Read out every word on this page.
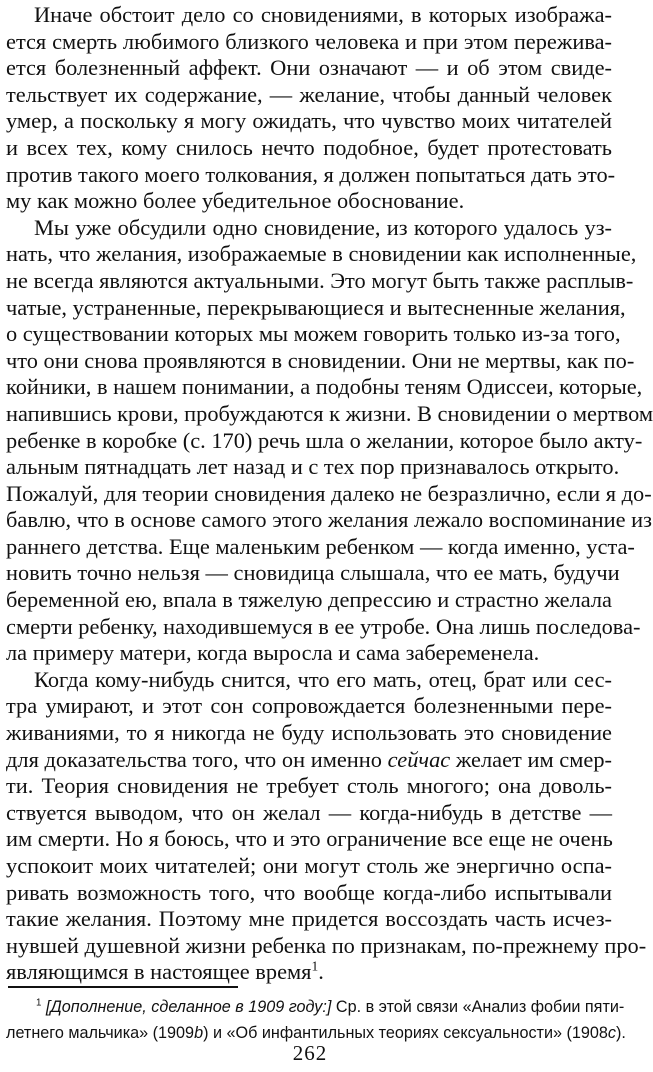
Иначе обстоит дело со сновидениями, в которых изобража-
ется смерть любимого близкого человека и при этом пережива-
ется болезненный аффект. Они означают — и об этом свиде-
тельствует их содержание, — желание, чтобы данный человек
умер, а поскольку я могу ожидать, что чувство моих читателей
и всех тех, кому снилось нечто подобное, будет протестовать
против такого моего толкования, я должен попытаться дать это-
му как можно более убедительное обоснование.
Мы уже обсудили одно сновидение, из которого удалось уз-
нать, что желания, изображаемые в сновидении как исполненные,
не всегда являются актуальными. Это могут быть также расплыв-
чатые, устраненные, перекрывающиеся и вытесненные желания,
о существовании которых мы можем говорить только из-за того,
что они снова проявляются в сновидении. Они не мертвы, как по-
койники, в нашем понимании, а подобны теням Одиссеи, которые,
напившись крови, пробуждаются к жизни. В сновидении о мертвом
ребенке в коробке (с. 170) речь шла о желании, которое было акту-
альным пятнадцать лет назад и с тех пор признавалось открыто.
Пожалуй, для теории сновидения далеко не безразлично, если я до-
бавлю, что в основе самого этого желания лежало воспоминание из
раннего детства. Еще маленьким ребенком — когда именно, уста-
новить точно нельзя — сновидица слышала, что ее мать, будучи
беременной ею, впала в тяжелую депрессию и страстно желала
смерти ребенку, находившемуся в ее утробе. Она лишь последова-
ла примеру матери, когда выросла и сама забеременела.
Когда кому-нибудь снится, что его мать, отец, брат или сес-
тра умирают, и этот сон сопровождается болезненными пере-
живаниями, то я никогда не буду использовать это сновидение
для доказательства того, что он именно сейчас желает им смер-
ти. Теория сновидения не требует столь многого; она доволь-
ствуется выводом, что он желал — когда-нибудь в детстве —
им смерти. Но я боюсь, что и это ограничение все еще не очень
успокоит моих читателей; они могут столь же энергично оспа-
ривать возможность того, что вообще когда-либо испытывали
такие желания. Поэтому мне придется воссоздать часть исчез-
нувшей душевной жизни ребенка по признакам, по-прежнему про-
являющимся в настоящее время$^1$.
$^1$ [Дополнение, сделанное в 1909 году:] Ср. в этой связи «Анализ фобии пяти-
летнего мальчика» (1909b) и «Об инфантильных теориях сексуальности» (1908c).
262
